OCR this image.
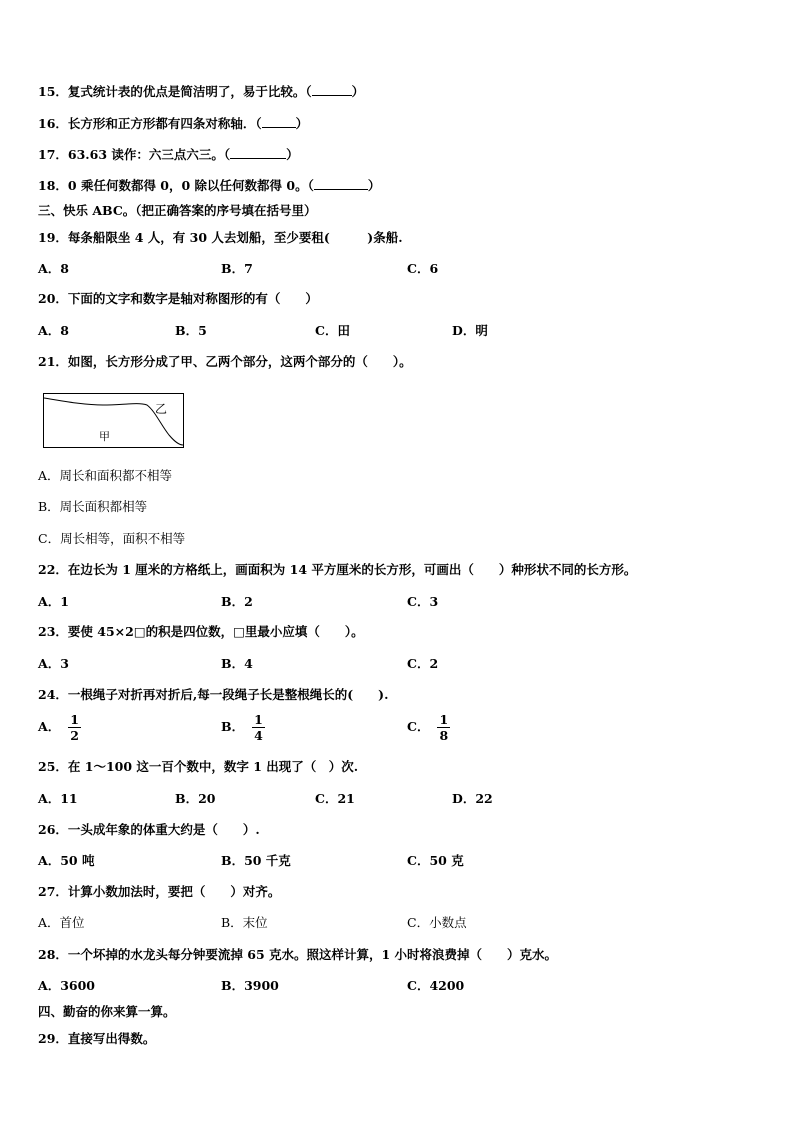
15．复式统计表的优点是简洁明了，易于比较。（	）
16．长方形和正方形都有四条对称轴．（	）
17．63.63 读作：六三点六三。（	）
18．0 乘任何数都得 0，0 除以任何数都得 0。（	）
三、快乐 ABC。（把正确答案的序号填在括号里）
19．每条船限坐 4 人，有 30 人去划船，至少要租(　　　)条船.
A．8	B．7	C．6
20．下面的文字和数字是轴对称图形的有（　　）
A．8	B．5	C．田	D．明
21．如图，长方形分成了甲、乙两个部分，这两个部分的（　　）。
乙
甲
A．周长和面积都不相等
B．周长面积都相等
C．周长相等，面积不相等
22．在边长为 1 厘米的方格纸上，画面积为 14 平方厘米的长方形，可画出（　　）种形状不同的长方形。
A．1	B．2	C．3
23．要使 45×2□的积是四位数，□里最小应填（　　）。
A．3	B．4	C．2
24．一根绳子对折再对折后,每一段绳子长是整根绳长的(　　).
A． $\frac{1}{2}$	B． $\frac{1}{4}$	C． $\frac{1}{8}$
25．在 1～100 这一百个数中，数字 1 出现了（　）次.
A．11	B．20	C．21	D．22
26．一头成年象的体重大约是（　　）.
A．50 吨	B．50 千克	C．50 克
27．计算小数加法时，要把（　　）对齐。
A．首位	B．末位	C．小数点
28．一个坏掉的水龙头每分钟要流掉 65 克水。照这样计算，1 小时将浪费掉（　　）克水。
A．3600	B．3900	C．4200
四、勤奋的你来算一算。
29．直接写出得数。
